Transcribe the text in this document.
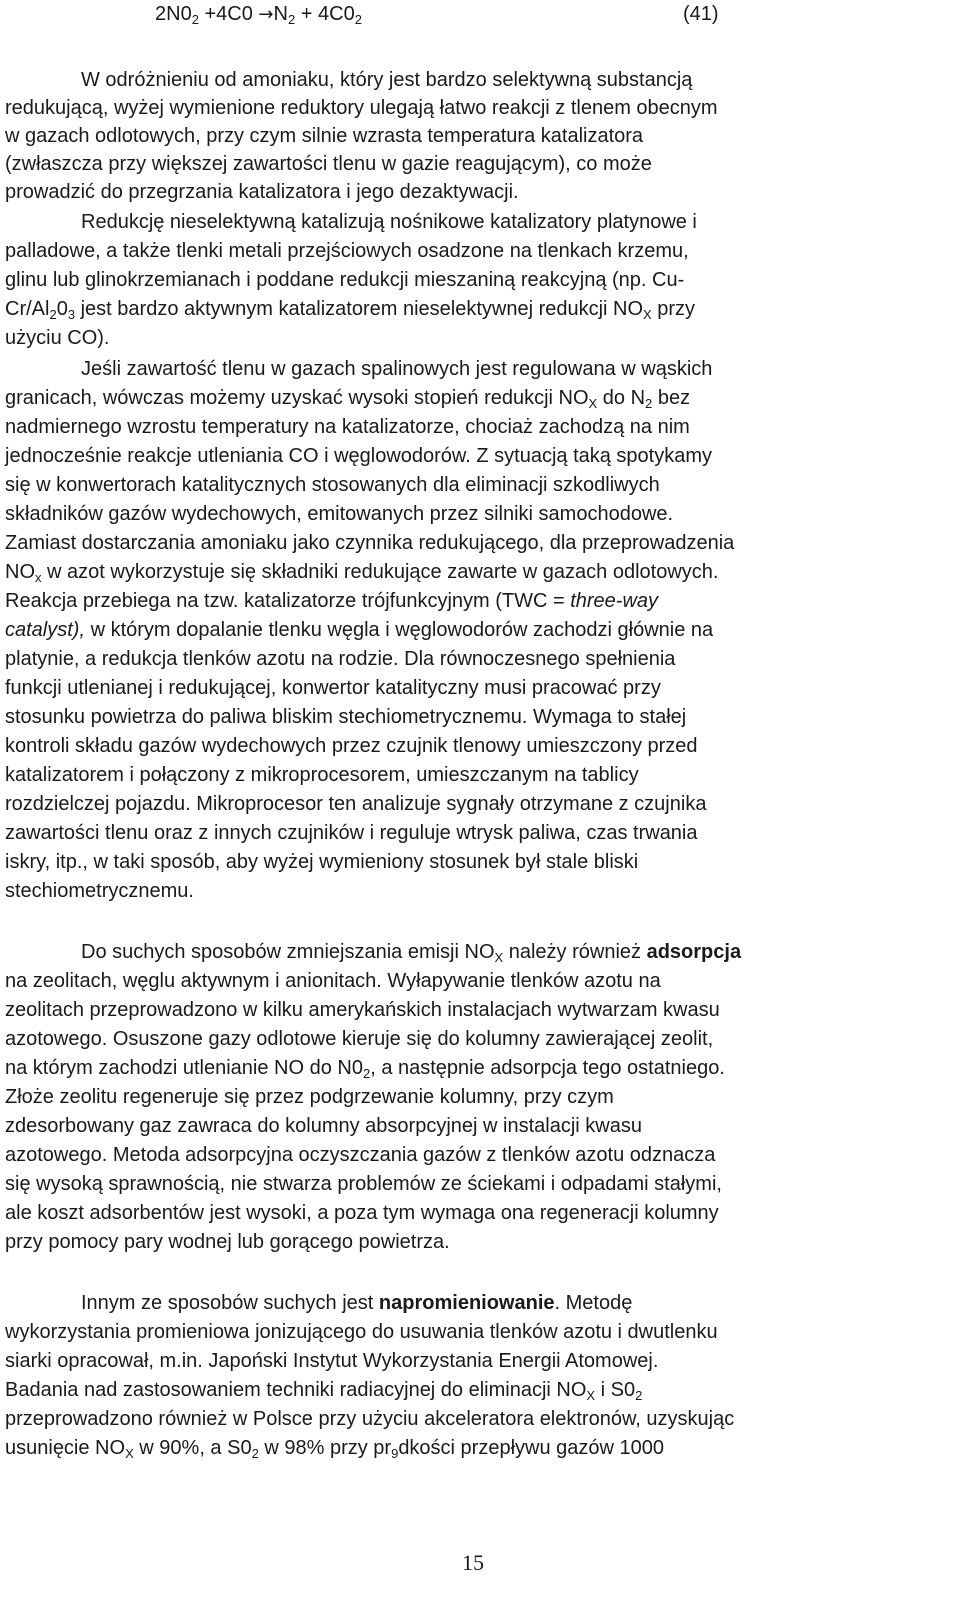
$2N0_2 +4C0 \to N_2 + 4C0_2$	(41)
W odróżnieniu od amoniaku, który jest bardzo selektywną substancją
redukującą, wyżej wymienione reduktory ulegają łatwo reakcji z tlenem obecnym
w gazach odlotowych, przy czym silnie wzrasta temperatura katalizatora
(zwłaszcza przy większej zawartości tlenu w gazie reagującym), co może
prowadzić do przegrzania katalizatora i jego dezaktywacji.
Redukcję nieselektywną katalizują nośnikowe katalizatory platynowe i
palladowe, a także tlenki metali przejściowych osadzone na tlenkach krzemu,
glinu lub glinokrzemianach i poddane redukcji mieszaniną reakcyjną (np. Cu-
$Cr/Al_20_3$ jest bardzo aktywnym katalizatorem nieselektywnej redukcji $NO_X$ przy
użyciu CO).
Jeśli zawartość tlenu w gazach spalinowych jest regulowana w wąskich
granicach, wówczas możemy uzyskać wysoki stopień redukcji $NO_X$ do $N_2$ bez
nadmiernego wzrostu temperatury na katalizatorze, chociaż zachodzą na nim
jednocześnie reakcje utleniania CO i węglowodorów. Z sytuacją taką spotykamy
się w konwertorach katalitycznych stosowanych dla eliminacji szkodliwych
składników gazów wydechowych, emitowanych przez silniki samochodowe.
Zamiast dostarczania amoniaku jako czynnika redukującego, dla przeprowadzenia
$NO_x$ w azot wykorzystuje się składniki redukujące zawarte w gazach odlotowych.
Reakcja przebiega na tzw. katalizatorze trójfunkcyjnym (TWC = three-way
catalyst), w którym dopalanie tlenku węgla i węglowodorów zachodzi głównie na
platynie, a redukcja tlenków azotu na rodzie. Dla równoczesnego spełnienia
funkcji utlenianej i redukującej, konwertor katalityczny musi pracować przy
stosunku powietrza do paliwa bliskim stechiometrycznemu. Wymaga to stałej
kontroli składu gazów wydechowych przez czujnik tlenowy umieszczony przed
katalizatorem i połączony z mikroprocesorem, umieszczanym na tablicy
rozdzielczej pojazdu. Mikroprocesor ten analizuje sygnały otrzymane z czujnika
zawartości tlenu oraz z innych czujników i reguluje wtrysk paliwa, czas trwania
iskry, itp., w taki sposób, aby wyżej wymieniony stosunek był stale bliski
stechiometrycznemu.
Do suchych sposobów zmniejszania emisji $NO_X$ należy również adsorpcja
na zeolitach, węglu aktywnym i anionitach. Wyłapywanie tlenków azotu na
zeolitach przeprowadzono w kilku amerykańskich instalacjach wytwarzam kwasu
azotowego. Osuszone gazy odlotowe kieruje się do kolumny zawierającej zeolit,
na którym zachodzi utlenianie NO do $N0_2$, a następnie adsorpcja tego ostatniego.
Złoże zeolitu regeneruje się przez podgrzewanie kolumny, przy czym
zdesorbowany gaz zawraca do kolumny absorpcyjnej w instalacji kwasu
azotowego. Metoda adsorpcyjna oczyszczania gazów z tlenków azotu odznacza
się wysoką sprawnością, nie stwarza problemów ze ściekami i odpadami stałymi,
ale koszt adsorbentów jest wysoki, a poza tym wymaga ona regeneracji kolumny
przy pomocy pary wodnej lub gorącego powietrza.
Innym ze sposobów suchych jest napromieniowanie. Metodę
wykorzystania promieniowa jonizującego do usuwania tlenków azotu i dwutlenku
siarki opracował, m.in. Japoński Instytut Wykorzystania Energii Atomowej.
Badania nad zastosowaniem techniki radiacyjnej do eliminacji $NO_X$ i $S0_2$
przeprowadzono również w Polsce przy użyciu akceleratora elektronów, uzyskując
usunięcie $NO_X$ w 90%, a $S0_2$ w 98% przy $pr_9dkości$ przepływu gazów 1000
15
